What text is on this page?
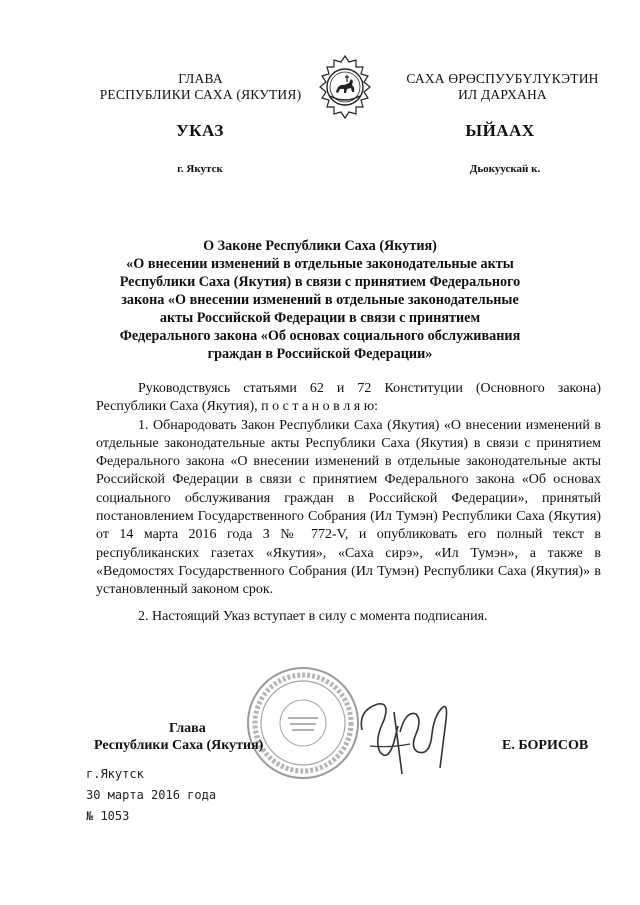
ГЛАВА
РЕСПУБЛИКИ САХА (ЯКУТИЯ)
САХА ӨРӨСПУУБҮЛҮКЭТИН
ИЛ ДАРХАНА
УКАЗ	ЫЙААХ
г. Якутск	Дьокуускай к.
О Законе Республики Саха (Якутия)
«О внесении изменений в отдельные законодательные акты
Республики Саха (Якутия) в связи с принятием Федерального
закона «О внесении изменений в отдельные законодательные
акты Российской Федерации в связи с принятием
Федерального закона «Об основах социального обслуживания
граждан в Российской Федерации»

Руководствуясь статьями 62 и 72 Конституции (Основного закона) Республики Саха (Якутия), п о с т а н о в л я ю:

1. Обнародовать Закон Республики Саха (Якутия) «О внесении изменений в отдельные законодательные акты Республики Саха (Якутия) в связи с принятием Федерального закона «О внесении изменений в отдельные законодательные акты Российской Федерации в связи с принятием Федерального закона «Об основах социального обслуживания граждан в Российской Федерации», принятый постановлением Государственного Собрания (Ил Тумэн) Республики Саха (Якутия) от 14 марта 2016 года З № 772-V, и опубликовать его полный текст в республиканских газетах «Якутия», «Саха сирэ», «Ил Тумэн», а также в «Ведомостях Государственного Собрания (Ил Тумэн) Республики Саха (Якутия)» в установленный законом срок.

2. Настоящий Указ вступает в силу с момента подписания.

Глава
Республики Саха (Якутия)	Е. БОРИСОВ
г.Якутск
30 марта 2016 года
№ 1053
